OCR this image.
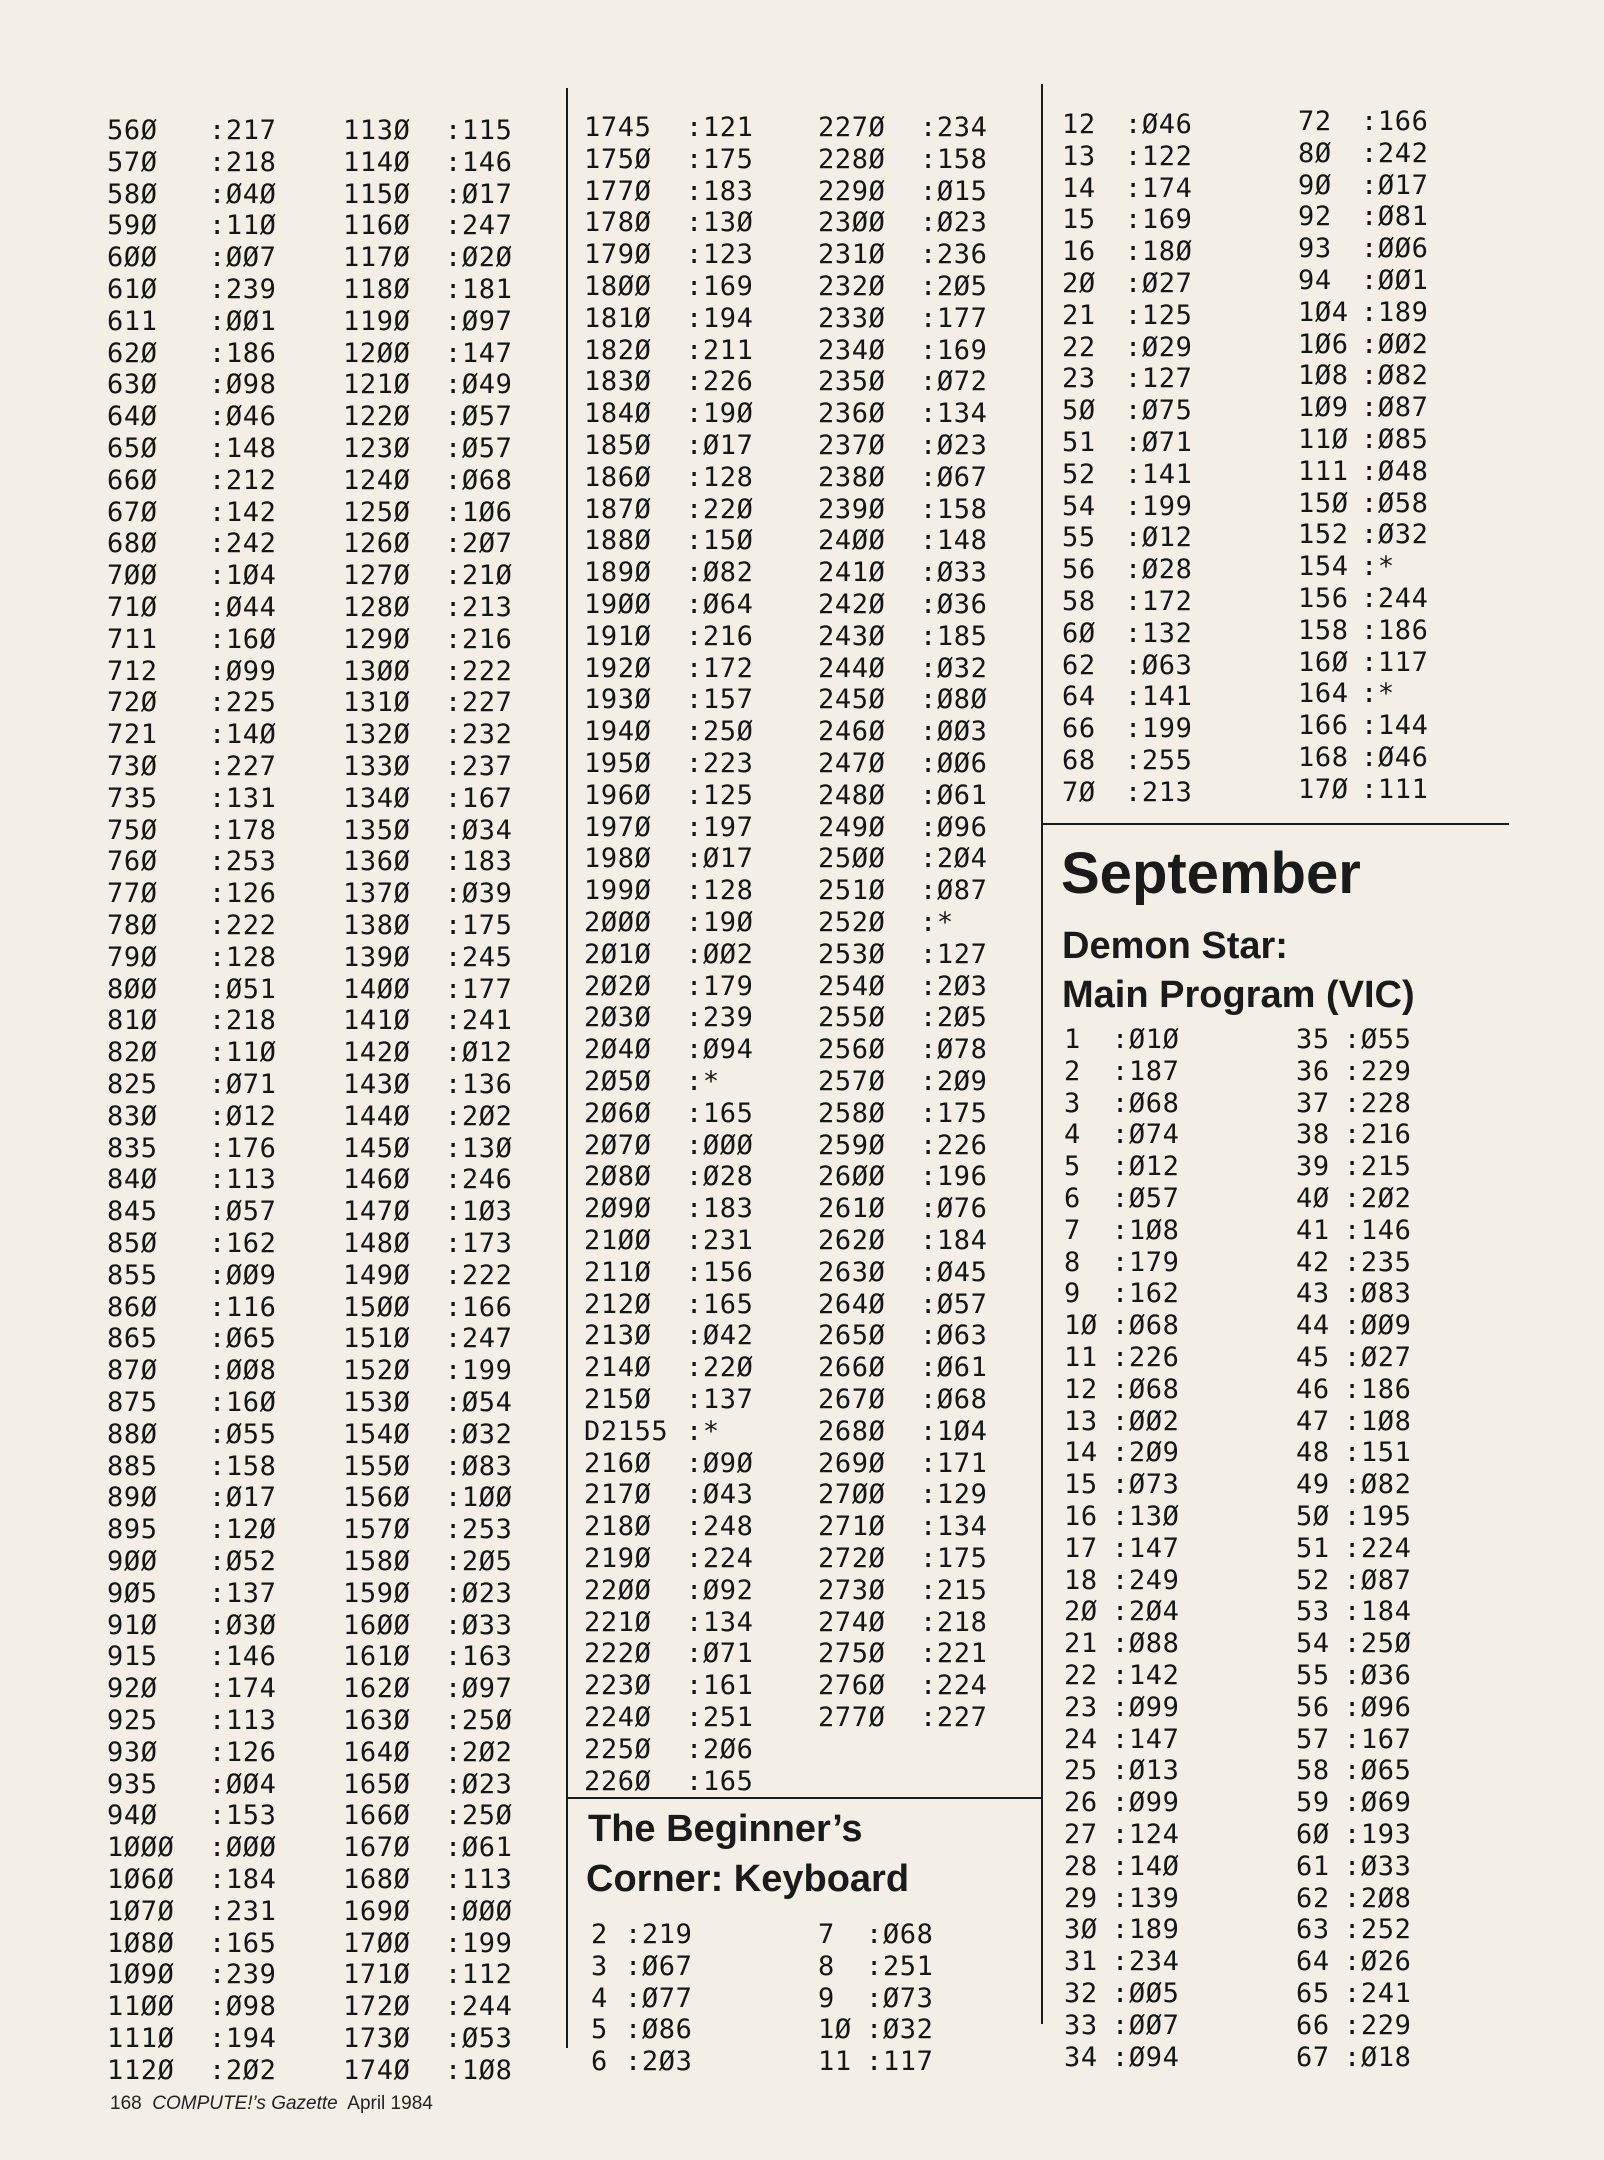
56Ø :217
57Ø :218
58Ø :Ø4Ø
59Ø :11Ø
6ØØ :ØØ7
61Ø :239
611 :ØØ1
62Ø :186
63Ø :Ø98
64Ø :Ø46
65Ø :148
66Ø :212
67Ø :142
68Ø :242
7ØØ :1Ø4
71Ø :Ø44
711 :16Ø
712 :Ø99
72Ø :225
721 :14Ø
73Ø :227
735 :131
75Ø :178
76Ø :253
77Ø :126
78Ø :222
79Ø :128
8ØØ :Ø51
81Ø :218
82Ø :11Ø
825 :Ø71
83Ø :Ø12
835 :176
84Ø :113
845 :Ø57
85Ø :162
855 :ØØ9
86Ø :116
865 :Ø65
87Ø :ØØ8
875 :16Ø
88Ø :Ø55
885 :158
89Ø :Ø17
895 :12Ø
9ØØ :Ø52
9Ø5 :137
91Ø :Ø3Ø
915 :146
92Ø :174
925 :113
93Ø :126
935 :ØØ4
94Ø :153
1ØØØ :ØØØ
1Ø6Ø :184
1Ø7Ø :231
1Ø8Ø :165
1Ø9Ø :239
11ØØ :Ø98
111Ø :194
112Ø :2Ø2
113Ø :115
114Ø :146
115Ø :Ø17
116Ø :247
117Ø :Ø2Ø
118Ø :181
119Ø :Ø97
12ØØ :147
121Ø :Ø49
122Ø :Ø57
123Ø :Ø57
124Ø :Ø68
125Ø :1Ø6
126Ø :2Ø7
127Ø :21Ø
128Ø :213
129Ø :216
13ØØ :222
131Ø :227
132Ø :232
133Ø :237
134Ø :167
135Ø :Ø34
136Ø :183
137Ø :Ø39
138Ø :175
139Ø :245
14ØØ :177
141Ø :241
142Ø :Ø12
143Ø :136
144Ø :2Ø2
145Ø :13Ø
146Ø :246
147Ø :1Ø3
148Ø :173
149Ø :222
15ØØ :166
151Ø :247
152Ø :199
153Ø :Ø54
154Ø :Ø32
155Ø :Ø83
156Ø :1ØØ
157Ø :253
158Ø :2Ø5
159Ø :Ø23
16ØØ :Ø33
161Ø :163
162Ø :Ø97
163Ø :25Ø
164Ø :2Ø2
165Ø :Ø23
166Ø :25Ø
167Ø :Ø61
168Ø :113
169Ø :ØØØ
17ØØ :199
171Ø :112
172Ø :244
173Ø :Ø53
174Ø :1Ø8
1745 :121
175Ø :175
177Ø :183
178Ø :13Ø
179Ø :123
18ØØ :169
181Ø :194
182Ø :211
183Ø :226
184Ø :19Ø
185Ø :Ø17
186Ø :128
187Ø :22Ø
188Ø :15Ø
189Ø :Ø82
19ØØ :Ø64
191Ø :216
192Ø :172
193Ø :157
194Ø :25Ø
195Ø :223
196Ø :125
197Ø :197
198Ø :Ø17
199Ø :128
2ØØØ :19Ø
2Ø1Ø :ØØ2
2Ø2Ø :179
2Ø3Ø :239
2Ø4Ø :Ø94
2Ø5Ø :*
2Ø6Ø :165
2Ø7Ø :ØØØ
2Ø8Ø :Ø28
2Ø9Ø :183
21ØØ :231
211Ø :156
212Ø :165
213Ø :Ø42
214Ø :22Ø
215Ø :137
D2155 :*
216Ø :Ø9Ø
217Ø :Ø43
218Ø :248
219Ø :224
22ØØ :Ø92
221Ø :134
222Ø :Ø71
223Ø :161
224Ø :251
225Ø :2Ø6
226Ø :165
227Ø :234
228Ø :158
229Ø :Ø15
23ØØ :Ø23
231Ø :236
232Ø :2Ø5
233Ø :177
234Ø :169
235Ø :Ø72
236Ø :134
237Ø :Ø23
238Ø :Ø67
239Ø :158
24ØØ :148
241Ø :Ø33
242Ø :Ø36
243Ø :185
244Ø :Ø32
245Ø :Ø8Ø
246Ø :ØØ3
247Ø :ØØ6
248Ø :Ø61
249Ø :Ø96
25ØØ :2Ø4
251Ø :Ø87
252Ø :*
253Ø :127
254Ø :2Ø3
255Ø :2Ø5
256Ø :Ø78
257Ø :2Ø9
258Ø :175
259Ø :226
26ØØ :196
261Ø :Ø76
262Ø :184
263Ø :Ø45
264Ø :Ø57
265Ø :Ø63
266Ø :Ø61
267Ø :Ø68
268Ø :1Ø4
269Ø :171
27ØØ :129
271Ø :134
272Ø :175
273Ø :215
274Ø :218
275Ø :221
276Ø :224
277Ø :227
12 :Ø46
13 :122
14 :174
15 :169
16 :18Ø
2Ø :Ø27
21 :125
22 :Ø29
23 :127
5Ø :Ø75
51 :Ø71
52 :141
54 :199
55 :Ø12
56 :Ø28
58 :172
6Ø :132
62 :Ø63
64 :141
66 :199
68 :255
7Ø :213
72 :166
8Ø :242
9Ø :Ø17
92 :Ø81
93 :ØØ6
94 :ØØ1
1Ø4 :189
1Ø6 :ØØ2
1Ø8 :Ø82
1Ø9 :Ø87
11Ø :Ø85
111 :Ø48
15Ø :Ø58
152 :Ø32
154 :*
156 :244
158 :186
16Ø :117
164 :*
166 :144
168 :Ø46
17Ø :111
2 :219
3 :Ø67
4 :Ø77
5 :Ø86
6 :2Ø3
7 :Ø68
8 :251
9 :Ø73
1Ø :Ø32
11 :117
1 :Ø1Ø
2 :187
3 :Ø68
4 :Ø74
5 :Ø12
6 :Ø57
7 :1Ø8
8 :179
9 :162
1Ø :Ø68
11 :226
12 :Ø68
13 :ØØ2
14 :2Ø9
15 :Ø73
16 :13Ø
17 :147
18 :249
2Ø :2Ø4
21 :Ø88
22 :142
23 :Ø99
24 :147
25 :Ø13
26 :Ø99
27 :124
28 :14Ø
29 :139
3Ø :189
31 :234
32 :ØØ5
33 :ØØ7
34 :Ø94
35 :Ø55
36 :229
37 :228
38 :216
39 :215
4Ø :2Ø2
41 :146
42 :235
43 :Ø83
44 :ØØ9
45 :Ø27
46 :186
47 :1Ø8
48 :151
49 :Ø82
5Ø :195
51 :224
52 :Ø87
53 :184
54 :25Ø
55 :Ø36
56 :Ø96
57 :167
58 :Ø65
59 :Ø69
6Ø :193
61 :Ø33
62 :2Ø8
63 :252
64 :Ø26
65 :241
66 :229
67 :Ø18
The Beginner’s
Corner: Keyboard
September
Demon Star:
Main Program (VIC)
168 COMPUTE!’s Gazette April 1984
